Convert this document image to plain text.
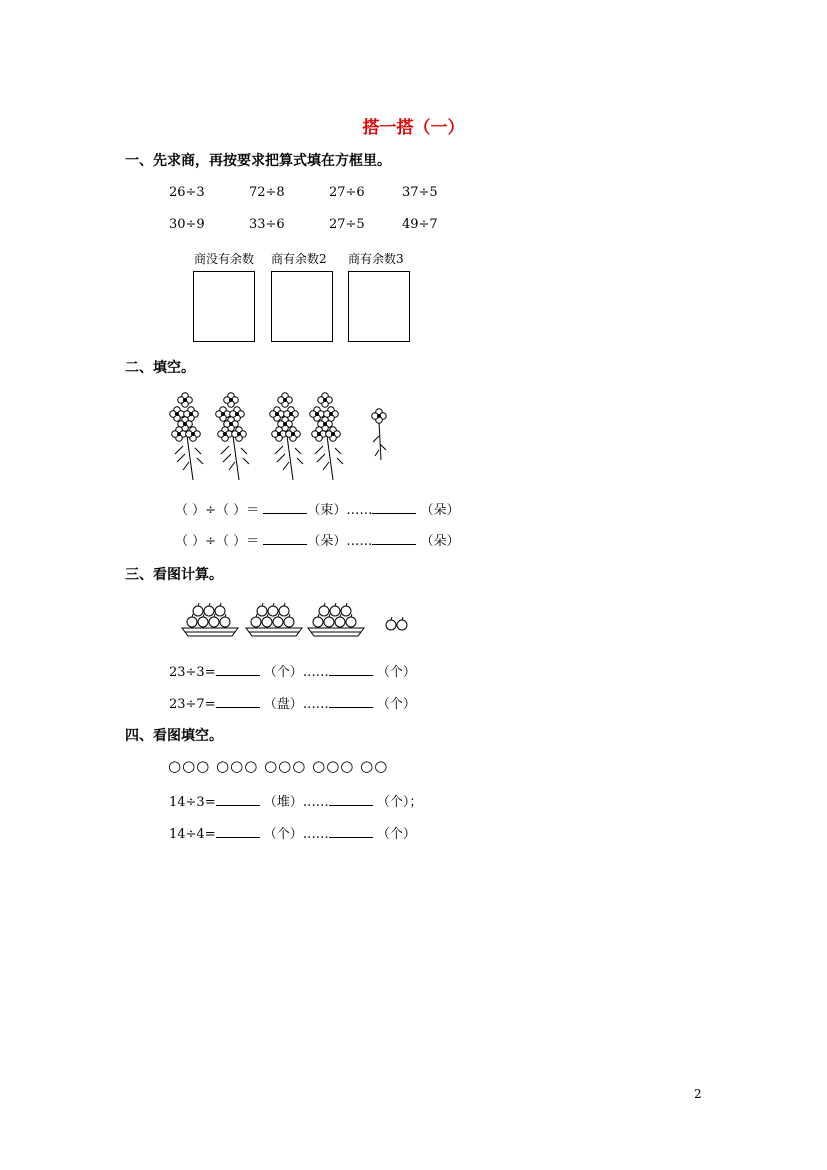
搭一搭（一）
一、先求商，再按要求把算式填在方框里。
26÷3	72÷8	27÷6	37÷5
30÷9	33÷6	27÷5	49÷7
商没有余数 商有余数2 商有余数3
二、填空。
（ ）÷（ ）＝	（束）……	（朵）
（ ）÷（ ）＝	（朵）……	（朵）
三、看图计算。
23÷3=	（个）……	（个）
23÷7=	（盘）……	（个）
四、看图填空。
○○○ ○○○ ○○○ ○○○ ○○
14÷3=	（堆）……	（个）；
14÷4=	（个）……	（个）
2
